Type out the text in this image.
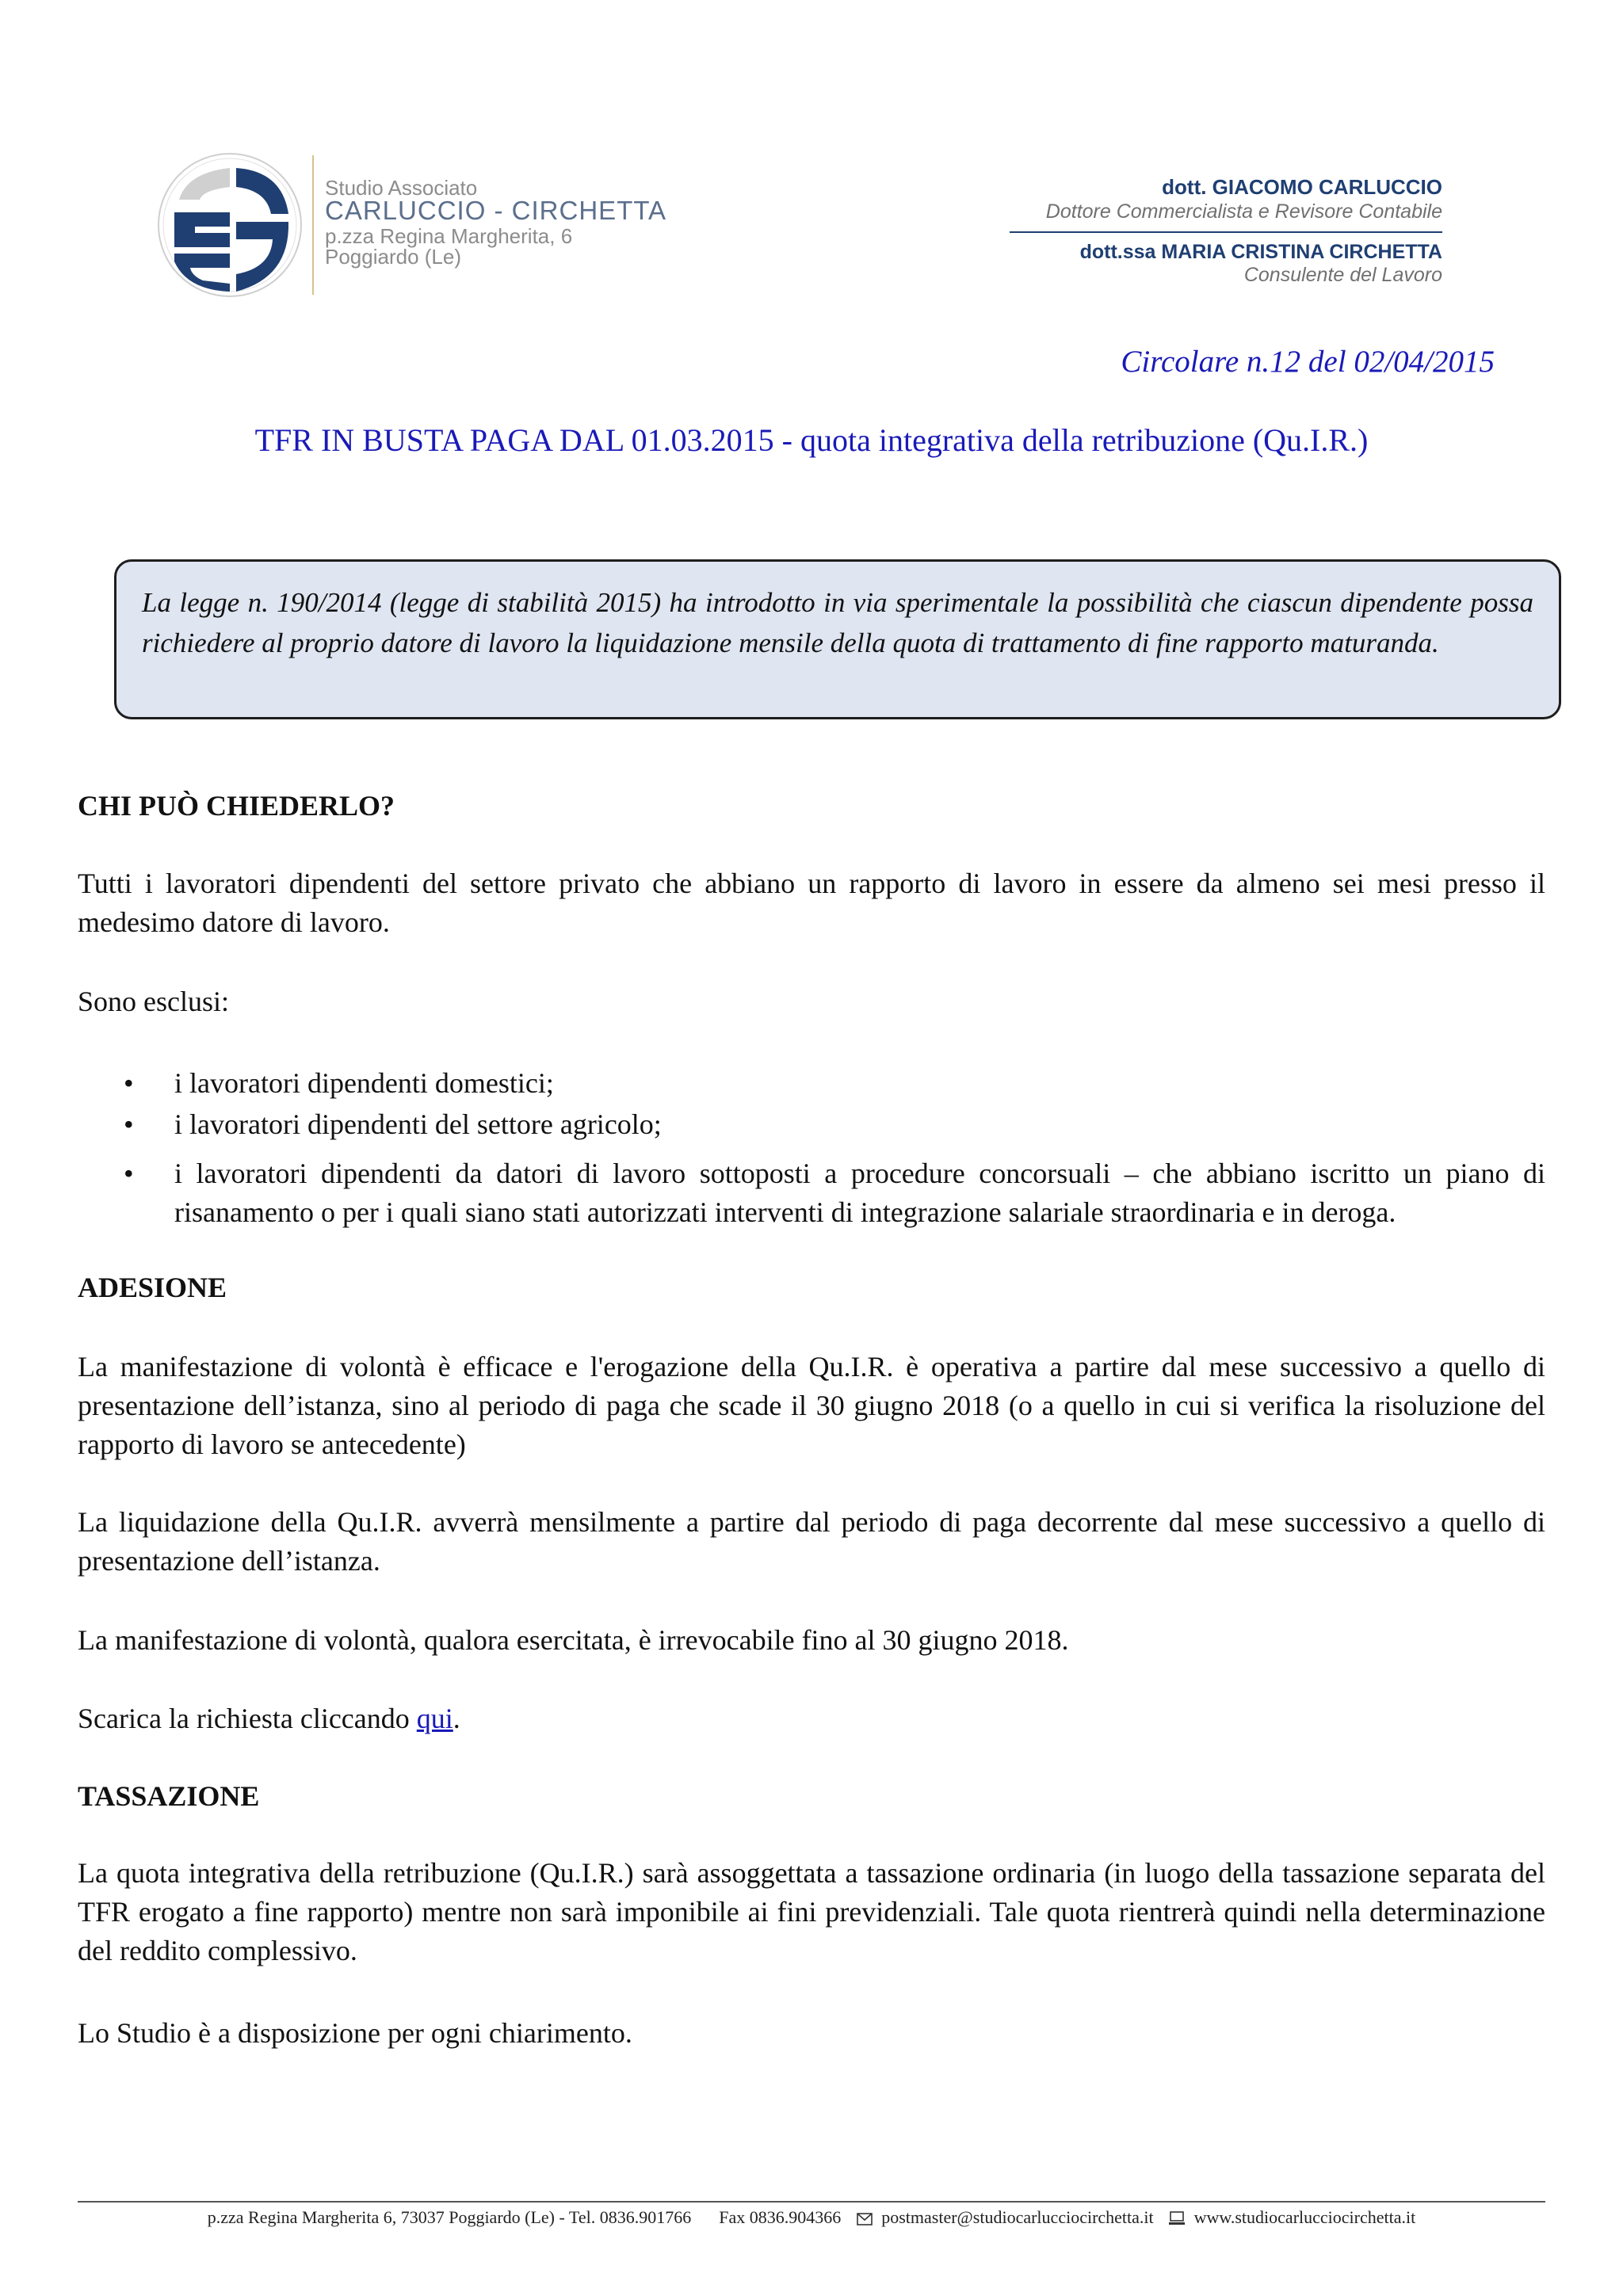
Studio Associato
CARLUCCIO - CIRCHETTA
p.zza Regina Margherita, 6
Poggiardo (Le)
dott. GIACOMO CARLUCCIO
Dottore Commercialista e Revisore Contabile
dott.ssa MARIA CRISTINA CIRCHETTA
Consulente del Lavoro
Circolare n.12 del 02/04/2015
TFR IN BUSTA PAGA DAL 01.03.2015 - quota integrativa della retribuzione (Qu.I.R.)
La legge n. 190/2014 (legge di stabilità 2015) ha introdotto in via sperimentale la possibilità che ciascun dipendente possa richiedere al proprio datore di lavoro la liquidazione mensile della quota di trattamento di fine rapporto maturanda.
CHI PUÒ CHIEDERLO?
Tutti i lavoratori dipendenti del settore privato che abbiano un rapporto di lavoro in essere da almeno sei mesi presso il medesimo datore di lavoro.
Sono esclusi:
•	i lavoratori dipendenti domestici;
•	i lavoratori dipendenti del settore agricolo;
•	i lavoratori dipendenti da datori di lavoro sottoposti a procedure concorsuali – che abbiano iscritto un piano di risanamento o per i quali siano stati autorizzati interventi di integrazione salariale straordinaria e in deroga.
ADESIONE
La manifestazione di volontà è efficace e l'erogazione della Qu.I.R. è operativa a partire dal mese successivo a quello di presentazione dell’istanza, sino al periodo di paga che scade il 30 giugno 2018 (o a quello in cui si verifica la risoluzione del rapporto di lavoro se antecedente)
La liquidazione della Qu.I.R. avverrà mensilmente a partire dal periodo di paga decorrente dal mese successivo a quello di presentazione dell’istanza.
La manifestazione di volontà, qualora esercitata, è irrevocabile fino al 30 giugno 2018.
Scarica la richiesta cliccando qui.
TASSAZIONE
La quota integrativa della retribuzione (Qu.I.R.) sarà assoggettata a tassazione ordinaria (in luogo della tassazione separata del TFR erogato a fine rapporto) mentre non sarà imponibile ai fini previdenziali. Tale quota rientrerà quindi nella determinazione del reddito complessivo.
Lo Studio è a disposizione per ogni chiarimento.
p.zza Regina Margherita 6, 73037 Poggiardo (Le) - Tel. 0836.901766 Fax 0836.904366 postmaster@studiocarlucciocirchetta.it www.studiocarlucciocirchetta.it
